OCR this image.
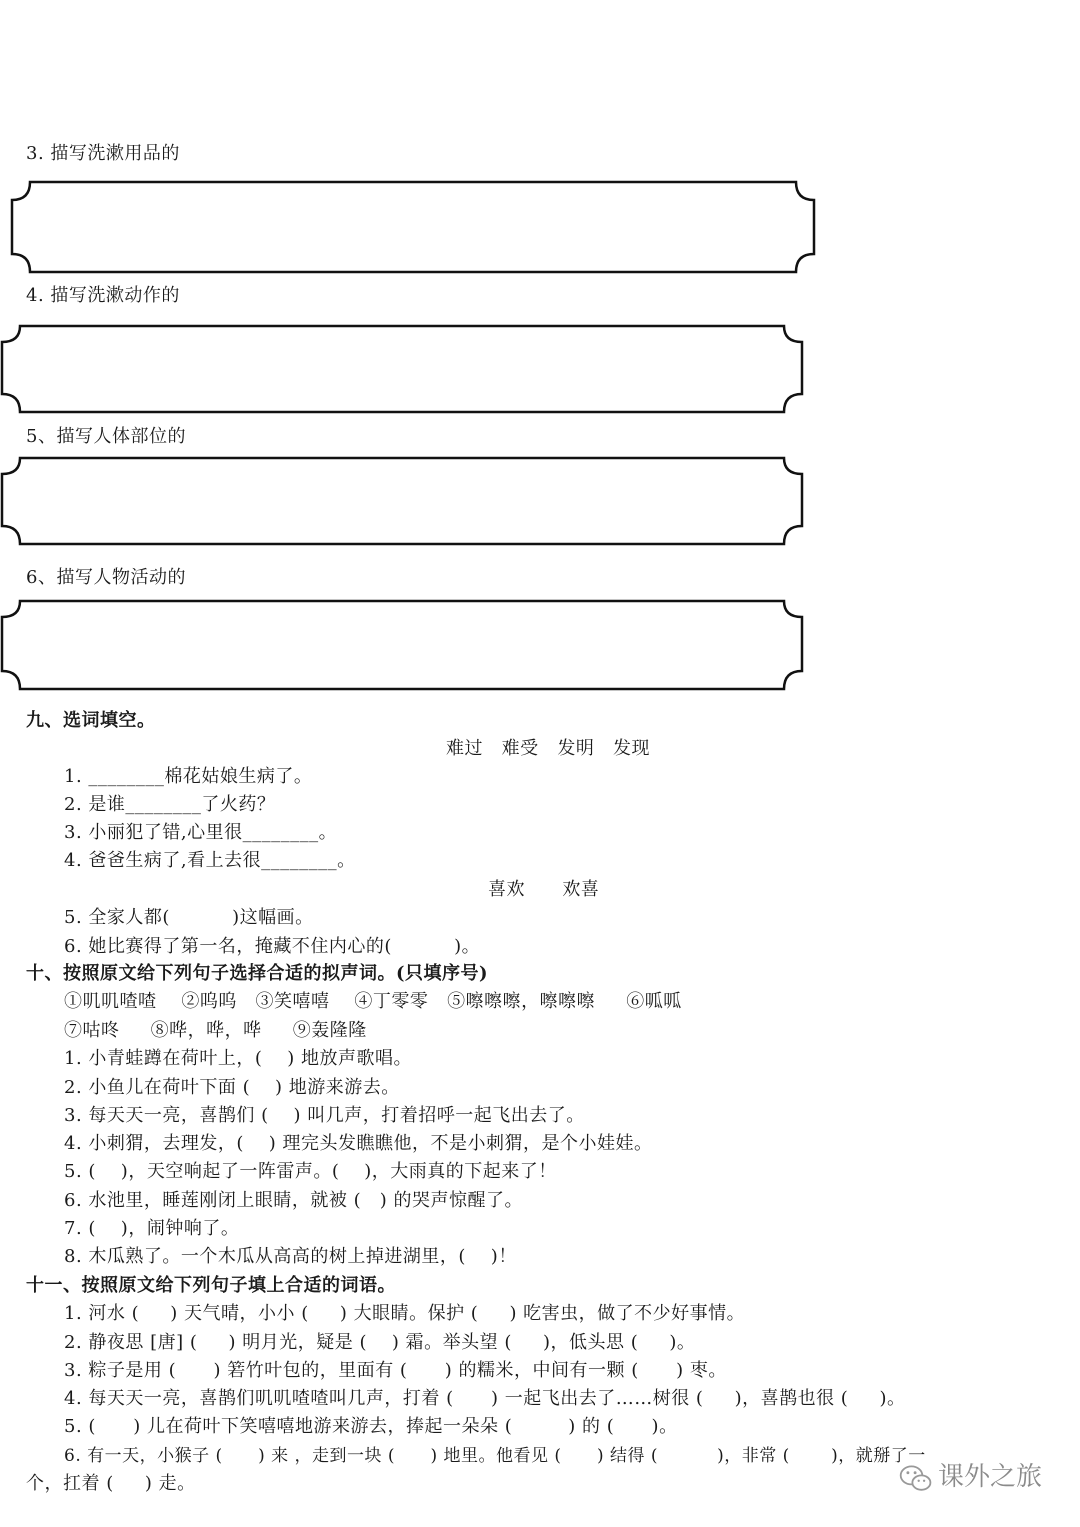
3. 描写洗漱用品的
4. 描写洗漱动作的
5、描写人体部位的
6、描写人物活动的
九、选词填空。
难过   难受   发明   发现
1. ________棉花姑娘生病了。
2. 是谁________了火药？
3. 小丽犯了错,心里很________。
4. 爸爸生病了,看上去很________。
喜欢      欢喜
5. 全家人都(          )这幅画。
6. 她比赛得了第一名，掩藏不住内心的(          )。
十、按照原文给下列句子选择合适的拟声词。(只填序号)
①叽叽喳喳    ②呜呜   ③笑嘻嘻    ④丁零零   ⑤嚓嚓嚓，嚓嚓嚓     ⑥呱呱
⑦咕咚     ⑧哗，哗，哗     ⑨轰隆隆
1. 小青蛙蹲在荷叶上，(    ) 地放声歌唱。
2. 小鱼儿在荷叶下面 (    ) 地游来游去。
3. 每天天一亮，喜鹊们 (    ) 叫几声，打着招呼一起飞出去了。
4. 小刺猬，去理发，(    ) 理完头发瞧瞧他，不是小刺猬，是个小娃娃。
5. (    )，天空响起了一阵雷声。(    )，大雨真的下起来了！
6. 水池里，睡莲刚闭上眼睛，就被 (   ) 的哭声惊醒了。
7. (    )，闹钟响了。
8. 木瓜熟了。一个木瓜从高高的树上掉进湖里，(    )！
十一、按照原文给下列句子填上合适的词语。
1. 河水 (     ) 天气晴，小小 (     ) 大眼睛。保护 (     ) 吃害虫，做了不少好事情。
2. 静夜思 [唐] (     ) 明月光，疑是 (    ) 霜。举头望 (     )，低头思 (     )。
3. 粽子是用 (      ) 箬竹叶包的，里面有 (      ) 的糯米，中间有一颗 (      ) 枣。
4. 每天天一亮，喜鹊们叽叽喳喳叫几声，打着 (      ) 一起飞出去了……树很 (     )，喜鹊也很 (     )。
5. (      ) 儿在荷叶下笑嘻嘻地游来游去，捧起一朵朵 (         ) 的 (      )。
6. 有一天，小猴子 (      ) 来 ，走到一块 (      ) 地里。他看见 (      ) 结得 (          )，非常 (       )，就掰了一
个，扛着 (     ) 走。	课外之旅
